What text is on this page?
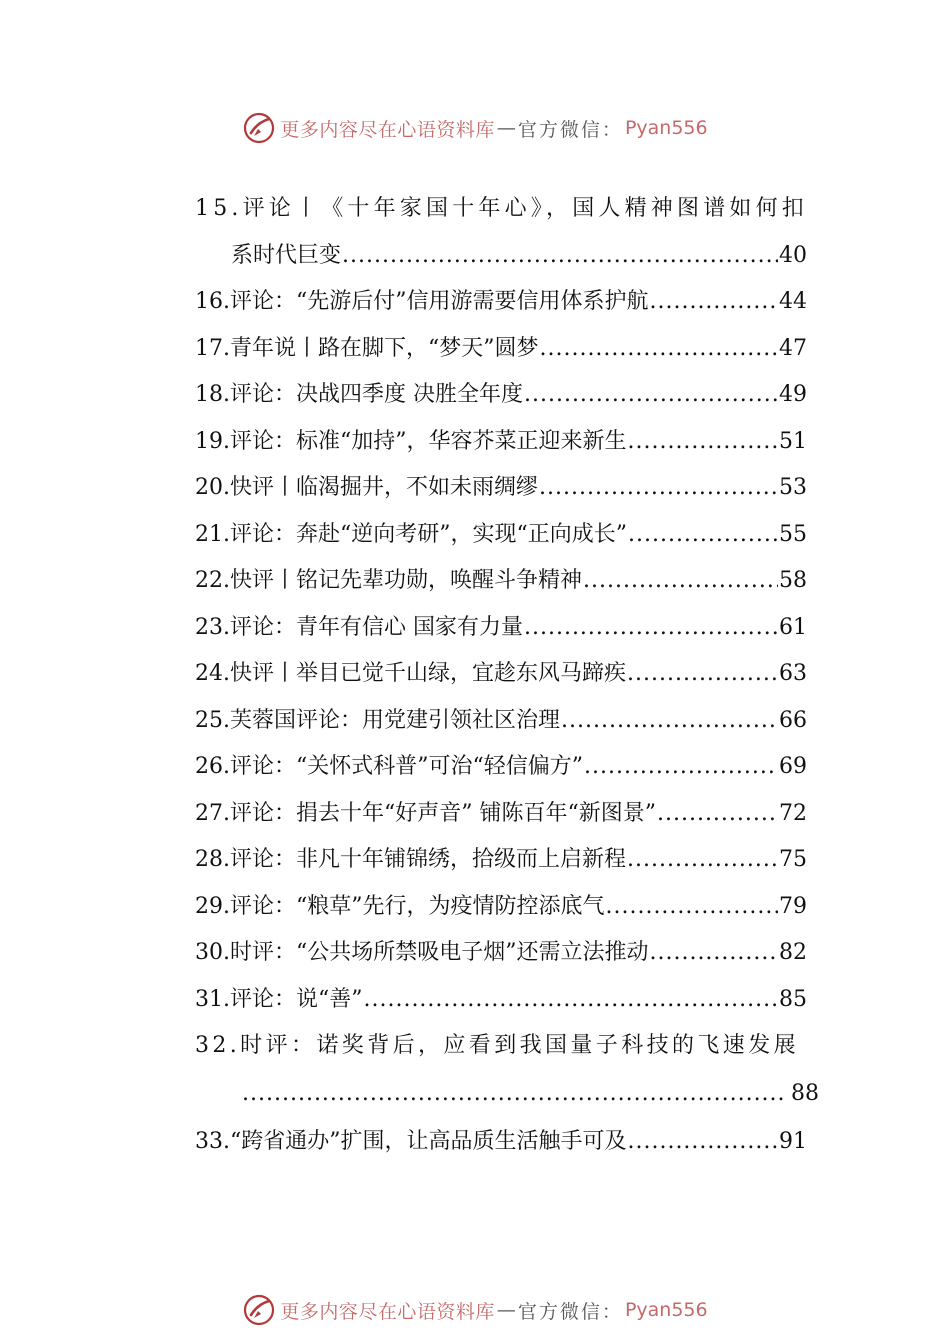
更多内容尽在心语资料库 — 官方微信： Pyan556
15.评论丨《十年家国十年心》，国人精神图谱如何扣
系时代巨变 .....	40
16.评论：“先游后付”信用游需要信用体系护航 .....	44
17.青年说丨路在脚下，“梦天”圆梦 .....	47
18.评论：决战四季度 决胜全年度 .....	49
19.评论：标准“加持”，华容芥菜正迎来新生 .....	51
20.快评丨临渴掘井，不如未雨绸缪 .....	53
21.评论：奔赴“逆向考研”，实现“正向成长” .....	55
22.快评丨铭记先辈功勋，唤醒斗争精神 .....	58
23.评论：青年有信心 国家有力量 .....	61
24.快评丨举目已觉千山绿，宜趁东风马蹄疾 .....	63
25.芙蓉国评论：用党建引领社区治理 .....	66
26.评论：“关怀式科普”可治“轻信偏方” .....	69
27.评论：捐去十年“好声音” 铺陈百年“新图景” .....	72
28.评论：非凡十年铺锦绣，拾级而上启新程 .....	75
29.评论：“粮草”先行，为疫情防控添底气 .....	79
30.时评：“公共场所禁吸电子烟”还需立法推动 .....	82
31.评论：说“善” .....	85
32.时评：诺奖背后，应看到我国量子科技的飞速发展
.....
88
33.“跨省通办”扩围，让高品质生活触手可及 .....	91
更多内容尽在心语资料库 — 官方微信： Pyan556
